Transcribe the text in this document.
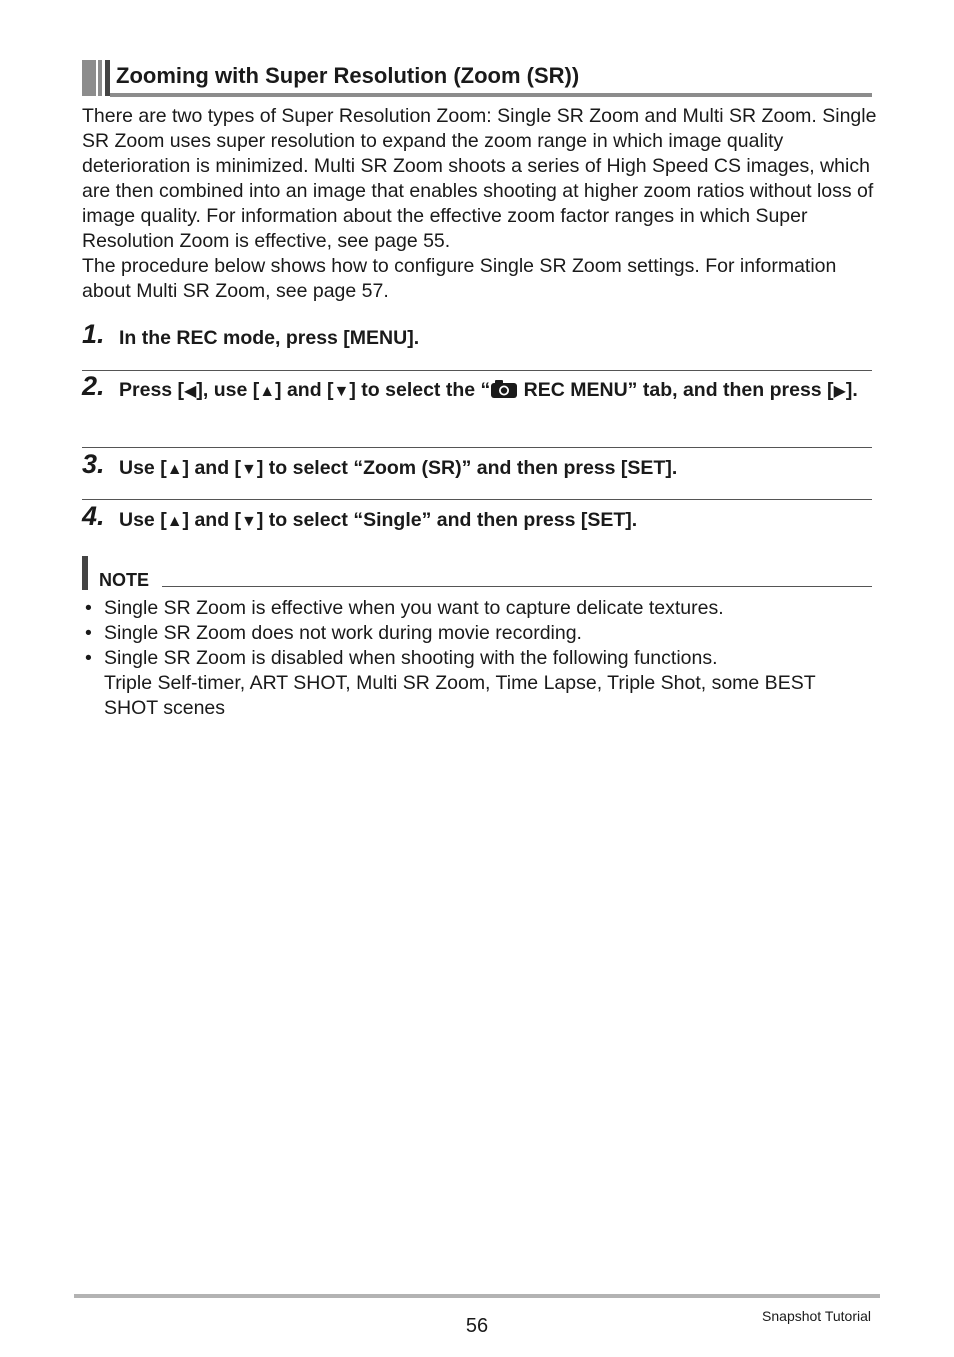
Zooming with Super Resolution (Zoom (SR))

There are two types of Super Resolution Zoom: Single SR Zoom and Multi SR Zoom. Single SR Zoom uses super resolution to expand the zoom range in which image quality deterioration is minimized. Multi SR Zoom shoots a series of High Speed CS images, which are then combined into an image that enables shooting at higher zoom ratios without loss of image quality. For information about the effective zoom factor ranges in which Super Resolution Zoom is effective, see page 55.

The procedure below shows how to configure Single SR Zoom settings. For information about Multi SR Zoom, see page 57.

1. In the REC mode, press [MENU].
2. Press [◀], use [▲] and [▼] to select the “ REC MENU” tab, and then press [▶].
3. Use [▲] and [▼] to select “Zoom (SR)” and then press [SET].
4. Use [▲] and [▼] to select “Single” and then press [SET].
NOTE
• Single SR Zoom is effective when you want to capture delicate textures.
• Single SR Zoom does not work during movie recording.
• Single SR Zoom is disabled when shooting with the following functions.
Triple Self-timer, ART SHOT, Multi SR Zoom, Time Lapse, Triple Shot, some BEST SHOT scenes
56	Snapshot Tutorial
